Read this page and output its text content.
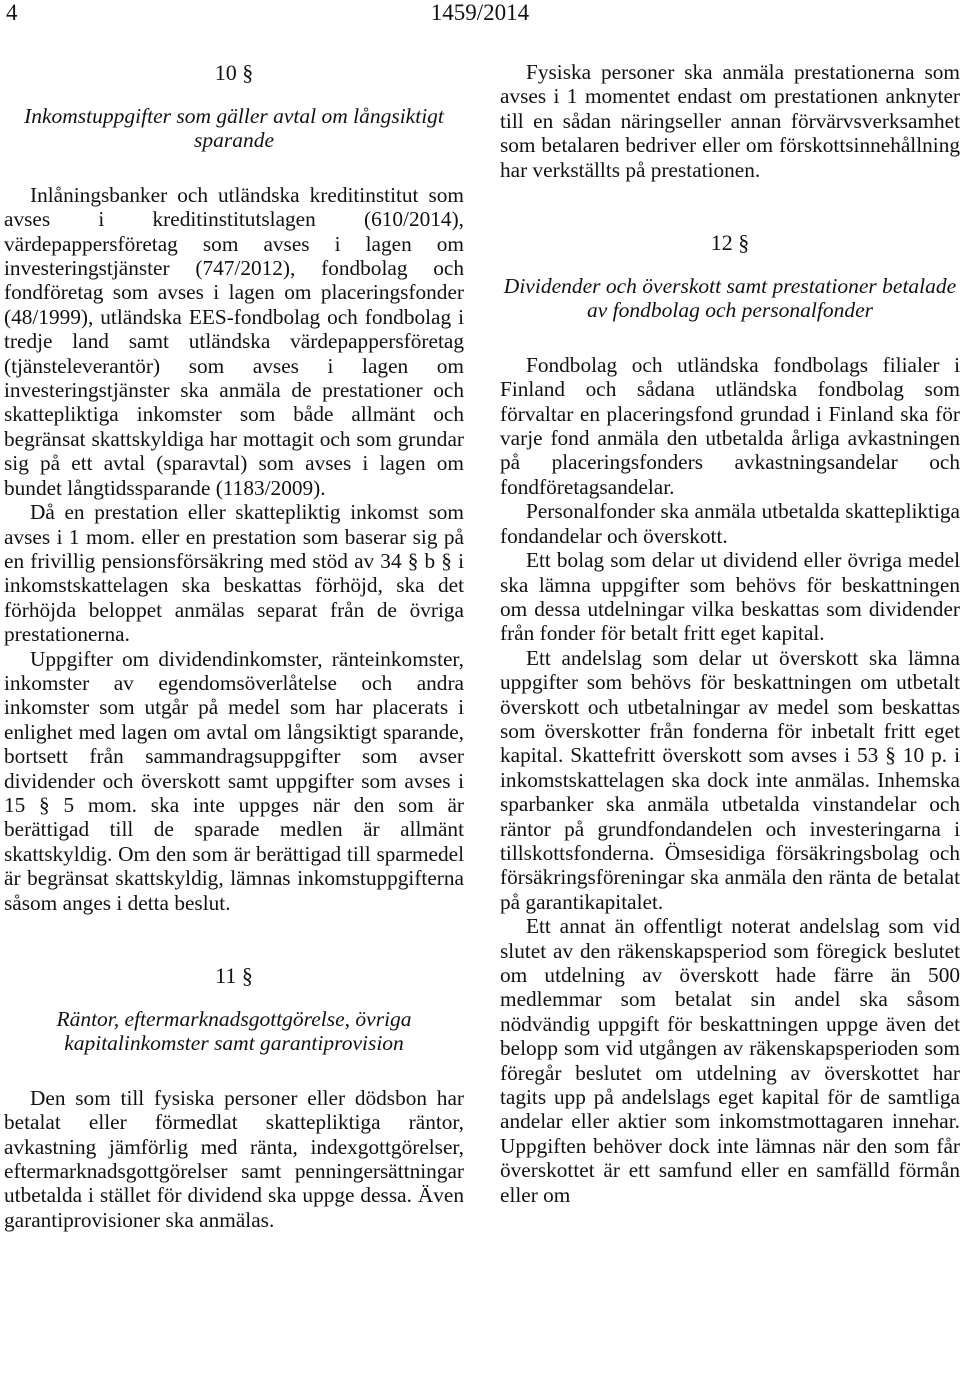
4	1459/2014
10 §
Inkomstuppgifter som gäller avtal om långsiktigt sparande

Inlåningsbanker och utländska kreditinstitut som avses i kreditinstitutslagen (610/2014), värdepappersföretag som avses i lagen om investeringstjänster (747/2012), fondbolag och fondföretag som avses i lagen om placeringsfonder (48/1999), utländska EES-fondbolag och fondbolag i tredje land samt utländska värdepappersföretag (tjänsteleverantör) som avses i lagen om investeringstjänster ska anmäla de prestationer och skattepliktiga inkomster som både allmänt och begränsat skattskyldiga har mottagit och som grundar sig på ett avtal (sparavtal) som avses i lagen om bundet långtidssparande (1183/2009).

Då en prestation eller skattepliktig inkomst som avses i 1 mom. eller en prestation som baserar sig på en frivillig pensionsförsäkring med stöd av 34 § b § i inkomstskattelagen ska beskattas förhöjd, ska det förhöjda beloppet anmälas separat från de övriga prestationerna.

Uppgifter om dividendinkomster, ränteinkomster, inkomster av egendomsöverlåtelse och andra inkomster som utgår på medel som har placerats i enlighet med lagen om avtal om långsiktigt sparande, bortsett från sammandragsuppgifter som avser dividender och överskott samt uppgifter som avses i 15 § 5 mom. ska inte uppges när den som är berättigad till de sparade medlen är allmänt skattskyldig. Om den som är berättigad till sparmedel är begränsat skattskyldig, lämnas inkomstuppgifterna såsom anges i detta beslut.

11 §
Räntor, eftermarknadsgottgörelse, övriga kapitalinkomster samt garantiprovision

Den som till fysiska personer eller dödsbon har betalat eller förmedlat skattepliktiga räntor, avkastning jämförlig med ränta, indexgottgörelser, eftermarknadsgottgörelser samt penningersättningar utbetalda i stället för dividend ska uppge dessa. Även garantiprovisioner ska anmälas.

Fysiska personer ska anmäla prestationerna som avses i 1 momentet endast om prestationen anknyter till en sådan näringseller annan förvärvsverksamhet som betalaren bedriver eller om förskottsinnehållning har verkställts på prestationen.

12 §
Dividender och överskott samt prestationer betalade av fondbolag och personalfonder

Fondbolag och utländska fondbolags filialer i Finland och sådana utländska fondbolag som förvaltar en placeringsfond grundad i Finland ska för varje fond anmäla den utbetalda årliga avkastningen på placeringsfonders avkastningsandelar och fondföretagsandelar.

Personalfonder ska anmäla utbetalda skattepliktiga fondandelar och överskott.

Ett bolag som delar ut dividend eller övriga medel ska lämna uppgifter som behövs för beskattningen om dessa utdelningar vilka beskattas som dividender från fonder för betalt fritt eget kapital.

Ett andelslag som delar ut överskott ska lämna uppgifter som behövs för beskattningen om utbetalt överskott och utbetalningar av medel som beskattas som överskotter från fonderna för inbetalt fritt eget kapital. Skattefritt överskott som avses i 53 § 10 p. i inkomstskattelagen ska dock inte anmälas. Inhemska sparbanker ska anmäla utbetalda vinstandelar och räntor på grundfondandelen och investeringarna i tillskottsfonderna. Ömsesidiga försäkringsbolag och försäkringsföreningar ska anmäla den ränta de betalat på garantikapitalet.

Ett annat än offentligt noterat andelslag som vid slutet av den räkenskapsperiod som föregick beslutet om utdelning av överskott hade färre än 500 medlemmar som betalat sin andel ska såsom nödvändig uppgift för beskattningen uppge även det belopp som vid utgången av räkenskapsperioden som föregår beslutet om utdelning av överskottet har tagits upp på andelslags eget kapital för de samtliga andelar eller aktier som inkomstmottagaren innehar. Uppgiften behöver dock inte lämnas när den som får överskottet är ett samfund eller en samfälld förmån eller om
